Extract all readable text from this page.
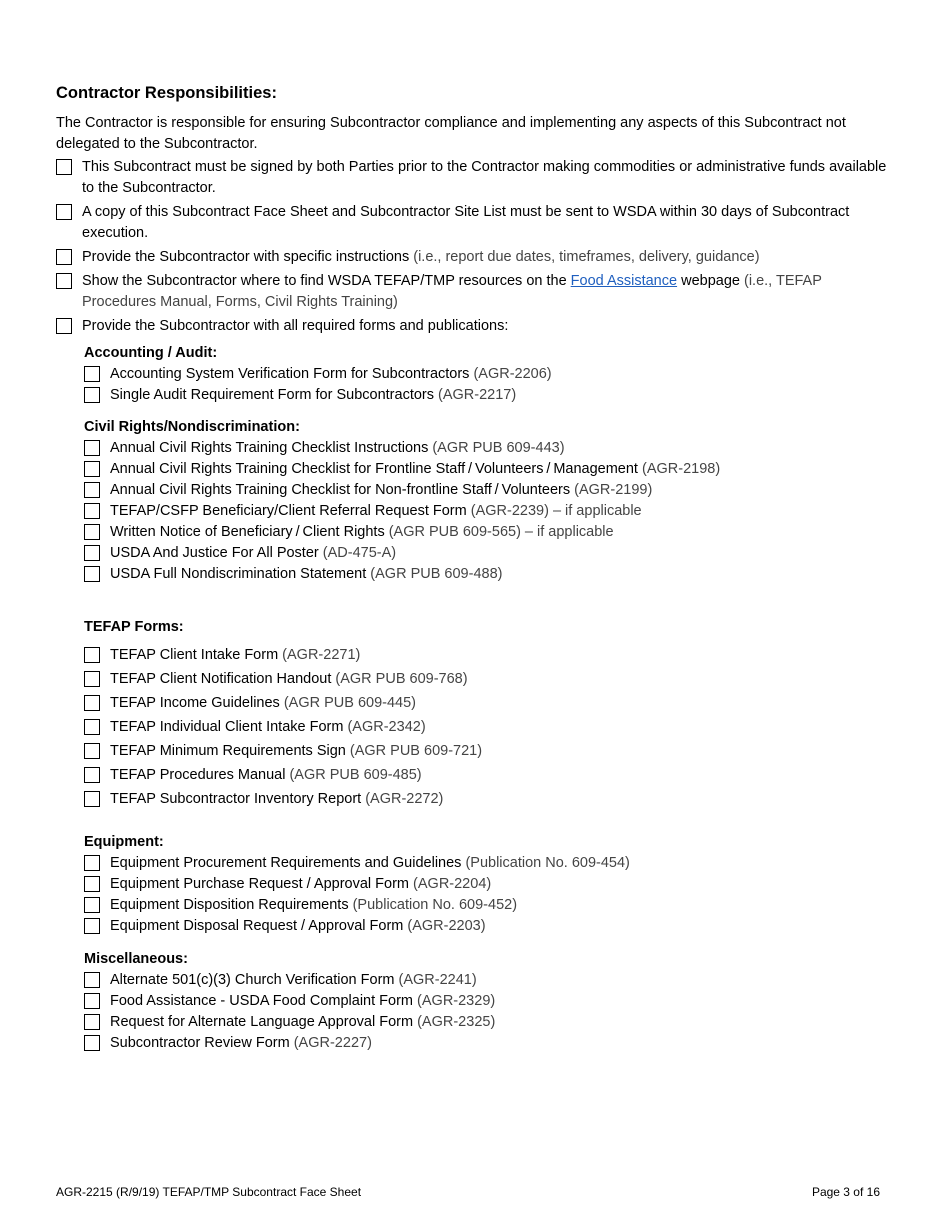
Contractor Responsibilities:

The Contractor is responsible for ensuring Subcontractor compliance and implementing any aspects of this Subcontract not delegated to the Subcontractor.

This Subcontract must be signed by both Parties prior to the Contractor making commodities or administrative funds available to the Subcontractor.
A copy of this Subcontract Face Sheet and Subcontractor Site List must be sent to WSDA within 30 days of Subcontract execution.
Provide the Subcontractor with specific instructions (i.e., report due dates, timeframes, delivery, guidance)
Show the Subcontractor where to find WSDA TEFAP/TMP resources on the Food Assistance webpage (i.e., TEFAP Procedures Manual, Forms, Civil Rights Training)
Provide the Subcontractor with all required forms and publications:
Accounting / Audit:
Accounting System Verification Form for Subcontractors (AGR-2206)
Single Audit Requirement Form for Subcontractors (AGR-2217)
Civil Rights/Nondiscrimination:
Annual Civil Rights Training Checklist Instructions (AGR PUB 609-443)
Annual Civil Rights Training Checklist for Frontline Staff / Volunteers / Management (AGR-2198)
Annual Civil Rights Training Checklist for Non-frontline Staff / Volunteers (AGR-2199)
TEFAP/CSFP Beneficiary/Client Referral Request Form (AGR-2239) – if applicable
Written Notice of Beneficiary / Client Rights (AGR PUB 609-565) – if applicable
USDA And Justice For All Poster (AD-475-A)
USDA Full Nondiscrimination Statement (AGR PUB 609-488)
TEFAP Forms:
TEFAP Client Intake Form (AGR-2271)
TEFAP Client Notification Handout (AGR PUB 609-768)
TEFAP Income Guidelines (AGR PUB 609-445)
TEFAP Individual Client Intake Form (AGR-2342)
TEFAP Minimum Requirements Sign (AGR PUB 609-721)
TEFAP Procedures Manual (AGR PUB 609-485)
TEFAP Subcontractor Inventory Report (AGR-2272)
Equipment:
Equipment Procurement Requirements and Guidelines (Publication No. 609-454)
Equipment Purchase Request / Approval Form (AGR-2204)
Equipment Disposition Requirements (Publication No. 609-452)
Equipment Disposal Request / Approval Form (AGR-2203)
Miscellaneous:
Alternate 501(c)(3) Church Verification Form (AGR-2241)
Food Assistance - USDA Food Complaint Form (AGR-2329)
Request for Alternate Language Approval Form (AGR-2325)
Subcontractor Review Form (AGR-2227)
AGR-2215 (R/9/19) TEFAP/TMP Subcontract Face Sheet	Page 3 of 16
